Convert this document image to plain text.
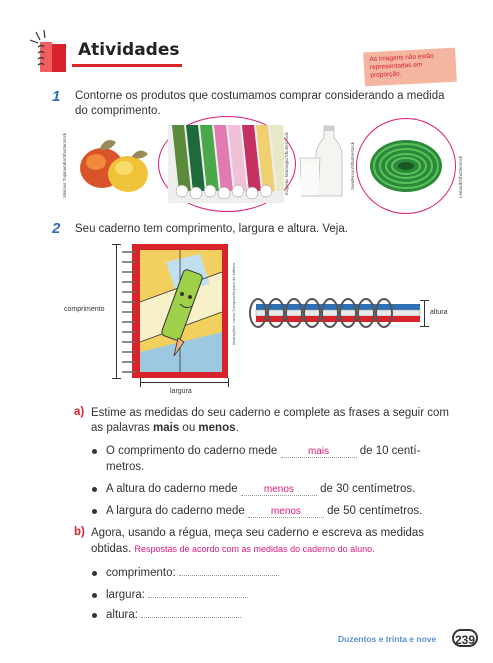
Atividades	As imagens não estão representadas em proporção.
1 Contorne os produtos que costumamos comprar considerando a medida do comprimento.
Vinicius Tupinamba/Shutterstock	Eugenio Marongiu/Shutterstock	Sanderson/Shutterstock	Lemurik/Shutterstock
2 Seu caderno tem comprimento, largura e altura. Veja.
comprimento
largura
Ilustrações: Lucas Campos/Arquivo da editora	altura
a) Estime as medidas do seu caderno e complete as frases a seguir com as palavras mais ou menos.
O comprimento do caderno mede	mais de 10 centí-
metros.
A altura do caderno mede menos de 30 centímetros.
A largura do caderno mede menos de 50 centímetros.
b) Agora, usando a régua, meça seu caderno e escreva as medidas
obtidas. Respostas de acordo com as medidas do caderno do aluno.
comprimento:
largura:
altura:
Duzentos e trinta e nove 239
